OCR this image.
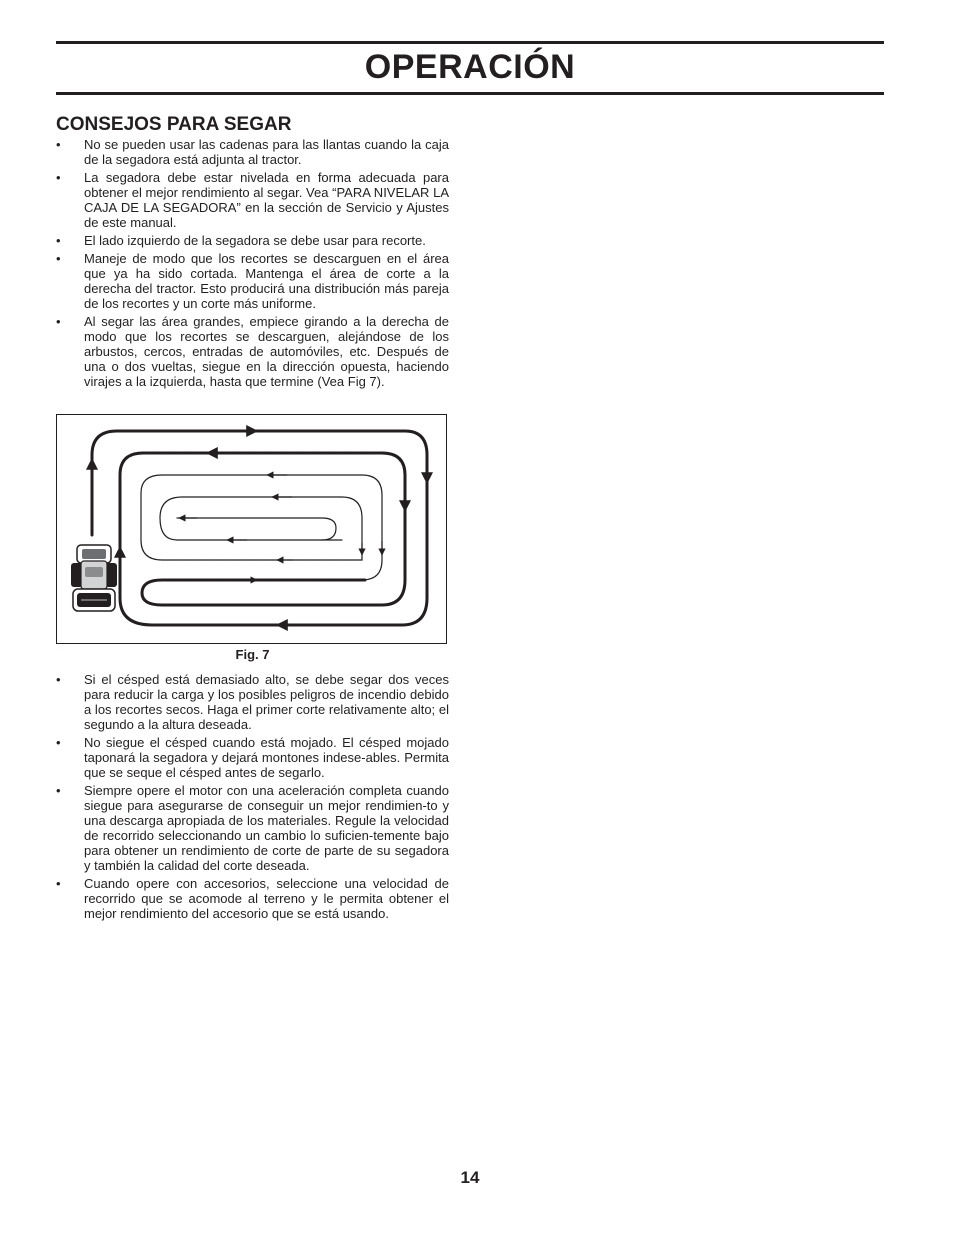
OPERACIÓN
CONSEJOS PARA SEGAR
• No se pueden usar las cadenas para las llantas cuando la caja de la segadora está adjunta al tractor.
• La segadora debe estar nivelada en forma adecuada para obtener el mejor rendimiento al segar. Vea “PARA NIVELAR LA CAJA DE LA SEGADORA” en la sección de Servicio y Ajustes de este manual.
• El lado izquierdo de la segadora se debe usar para recorte.
• Maneje de modo que los recortes se descarguen en el área que ya ha sido cortada. Mantenga el área de corte a la derecha del tractor. Esto producirá una distribución más pareja de los recortes y un corte más uniforme.
• Al segar las área grandes, empiece girando a la derecha de modo que los recortes se descarguen, alejándose de los arbustos, cercos, entradas de automóviles, etc. Después de una o dos vueltas, siegue en la dirección opuesta, haciendo virajes a la izquierda, hasta que termine (Vea Fig 7).
Fig. 7
• Si el césped está demasiado alto, se debe segar dos veces para reducir la carga y los posibles peligros de incendio debido a los recortes secos. Haga el primer corte relativamente alto; el segundo a la altura deseada.
• No siegue el césped cuando está mojado. El césped mojado taponará la segadora y dejará montones indese-ables. Permita que se seque el césped antes de segarlo.
• Siempre opere el motor con una aceleración completa cuando siegue para asegurarse de conseguir un mejor rendimien-to y una descarga apropiada de los materiales. Regule la velocidad de recorrido seleccionando un cambio lo suficien-temente bajo para obtener un rendimiento de corte de parte de su segadora y también la calidad del corte deseada.
• Cuando opere con accesorios, seleccione una velocidad de recorrido que se acomode al terreno y le permita obtener el mejor rendimiento del accesorio que se está usando.
14
